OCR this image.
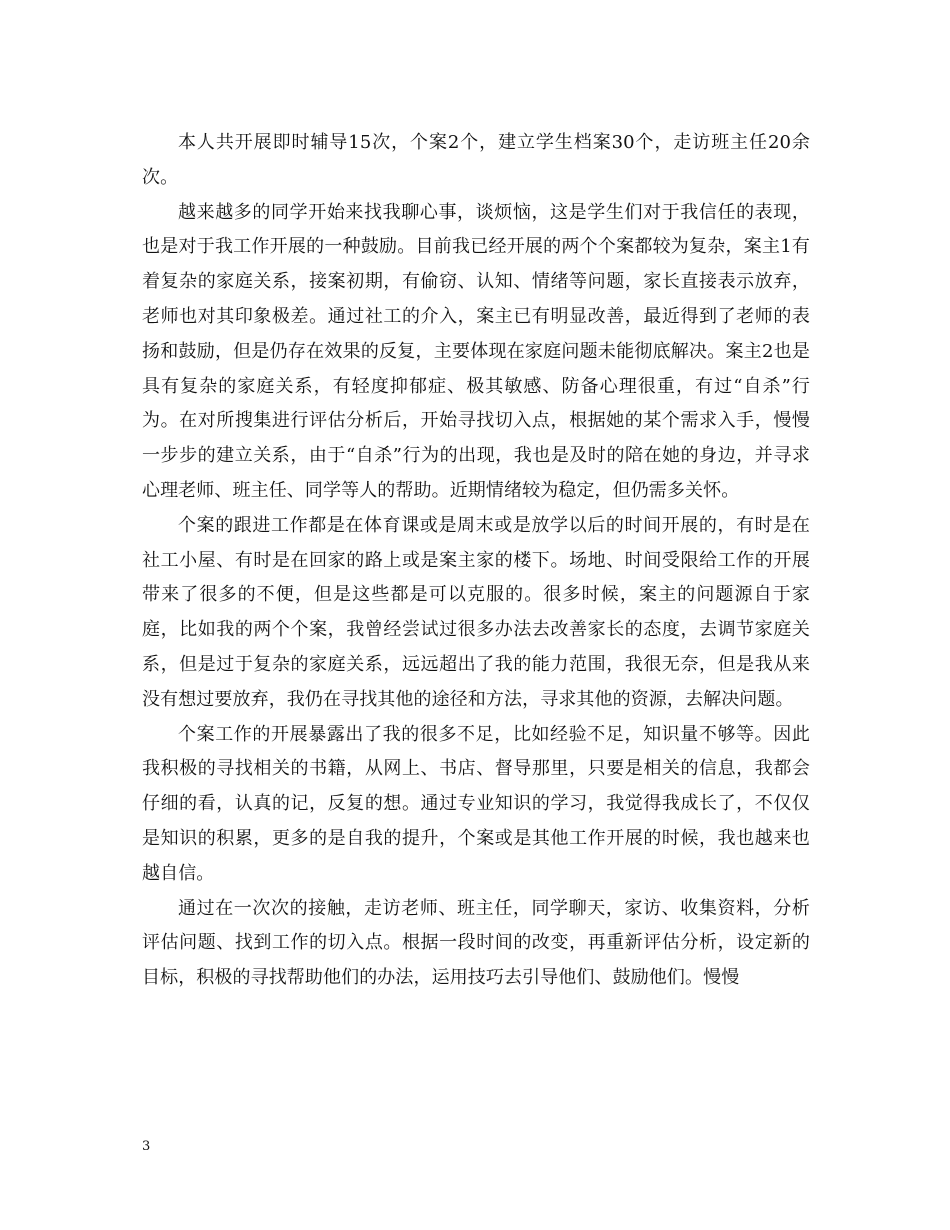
本人共开展即时辅导15次，个案2个，建立学生档案30个，走访班主任20余次。

越来越多的同学开始来找我聊心事，谈烦恼，这是学生们对于我信任的表现，也是对于我工作开展的一种鼓励。目前我已经开展的两个个案都较为复杂，案主1有着复杂的家庭关系，接案初期，有偷窃、认知、情绪等问题，家长直接表示放弃，老师也对其印象极差。通过社工的介入，案主已有明显改善，最近得到了老师的表扬和鼓励，但是仍存在效果的反复，主要体现在家庭问题未能彻底解决。案主2也是具有复杂的家庭关系，有轻度抑郁症、极其敏感、防备心理很重，有过“自杀”行为。在对所搜集进行评估分析后，开始寻找切入点，根据她的某个需求入手，慢慢一步步的建立关系，由于“自杀”行为的出现，我也是及时的陪在她的身边，并寻求心理老师、班主任、同学等人的帮助。近期情绪较为稳定，但仍需多关怀。

个案的跟进工作都是在体育课或是周末或是放学以后的时间开展的，有时是在社工小屋、有时是在回家的路上或是案主家的楼下。场地、时间受限给工作的开展带来了很多的不便，但是这些都是可以克服的。很多时候，案主的问题源自于家庭，比如我的两个个案，我曾经尝试过很多办法去改善家长的态度，去调节家庭关系，但是过于复杂的家庭关系，远远超出了我的能力范围，我很无奈，但是我从来没有想过要放弃，我仍在寻找其他的途径和方法，寻求其他的资源，去解决问题。

个案工作的开展暴露出了我的很多不足，比如经验不足，知识量不够等。因此我积极的寻找相关的书籍，从网上、书店、督导那里，只要是相关的信息，我都会仔细的看，认真的记，反复的想。通过专业知识的学习，我觉得我成长了，不仅仅是知识的积累，更多的是自我的提升，个案或是其他工作开展的时候，我也越来也越自信。

通过在一次次的接触，走访老师、班主任，同学聊天，家访、收集资料，分析评估问题、找到工作的切入点。根据一段时间的改变，再重新评估分析，设定新的目标，积极的寻找帮助他们的办法，运用技巧去引导他们、鼓励他们。慢慢

3
